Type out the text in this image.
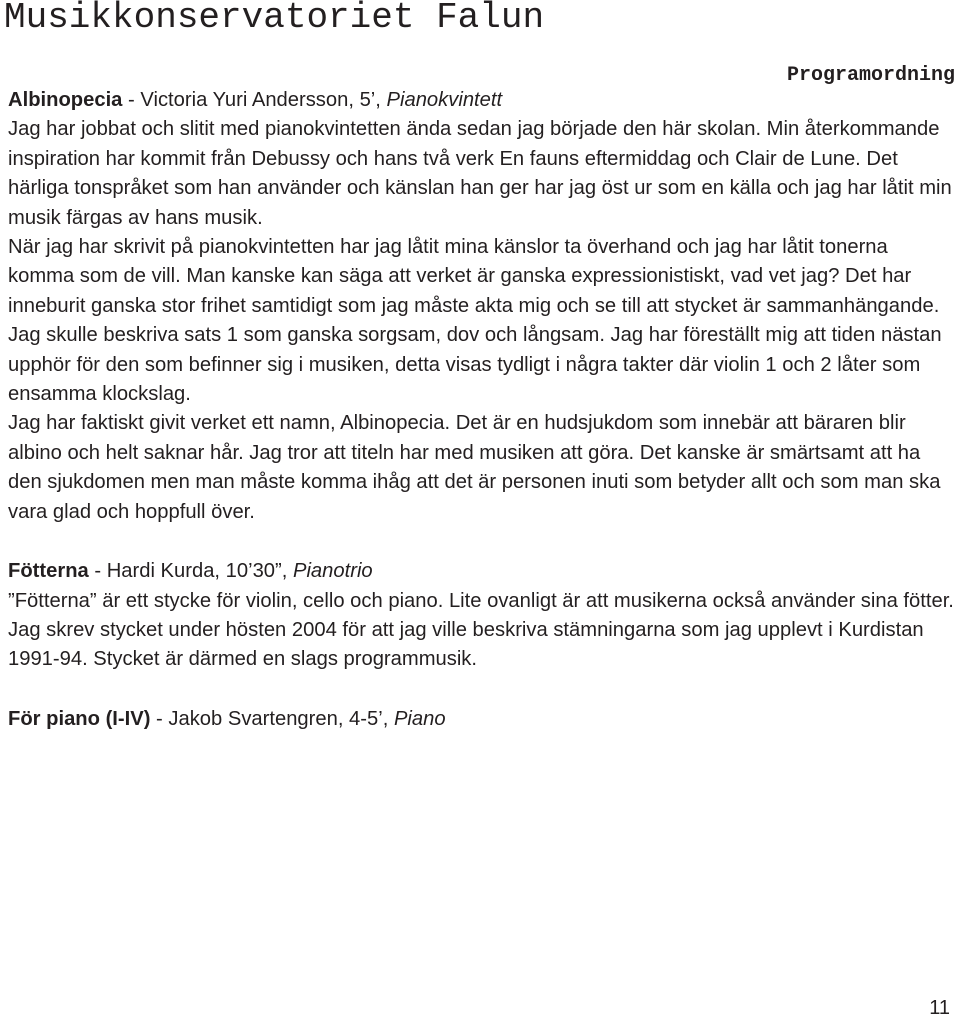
Musikkonservatoriet Falun
Programordning

Albinopecia - Victoria Yuri Andersson, 5’, Pianokvintett

Jag har jobbat och slitit med pianokvintetten ända sedan jag började den här skolan. Min återkommande inspiration har kommit från Debussy och hans två verk En fauns eftermiddag och Clair de Lune. Det härliga tonspråket som han använder och känslan han ger har jag öst ur som en källa och jag har låtit min musik färgas av hans musik.

När jag har skrivit på pianokvintetten har jag låtit mina känslor ta överhand och jag har låtit tonerna komma som de vill. Man kanske kan säga att verket är ganska expressionistiskt, vad vet jag? Det har inneburit ganska stor frihet samtidigt som jag måste akta mig och se till att stycket är sammanhängande.

Jag skulle beskriva sats 1 som ganska sorgsam, dov och långsam. Jag har föreställt mig att tiden nästan upphör för den som befinner sig i musiken, detta visas tydligt i några takter där violin 1 och 2 låter som ensamma klockslag.

Jag har faktiskt givit verket ett namn, Albinopecia. Det är en hudsjukdom som innebär att bäraren blir albino och helt saknar hår. Jag tror att titeln har med musiken att göra. Det kanske är smärtsamt att ha den sjukdomen men man måste komma ihåg att det är personen inuti som betyder allt och som man ska vara glad och hoppfull över.

Fötterna - Hardi Kurda, 10’30”, Pianotrio

”Fötterna” är ett stycke för violin, cello och piano. Lite ovanligt är att musikerna också använder sina fötter. Jag skrev stycket under hösten 2004 för att jag ville beskriva stämningarna som jag upplevt i Kurdistan 1991-94. Stycket är därmed en slags programmusik.

För piano (I-IV) - Jakob Svartengren, 4-5’, Piano

11
